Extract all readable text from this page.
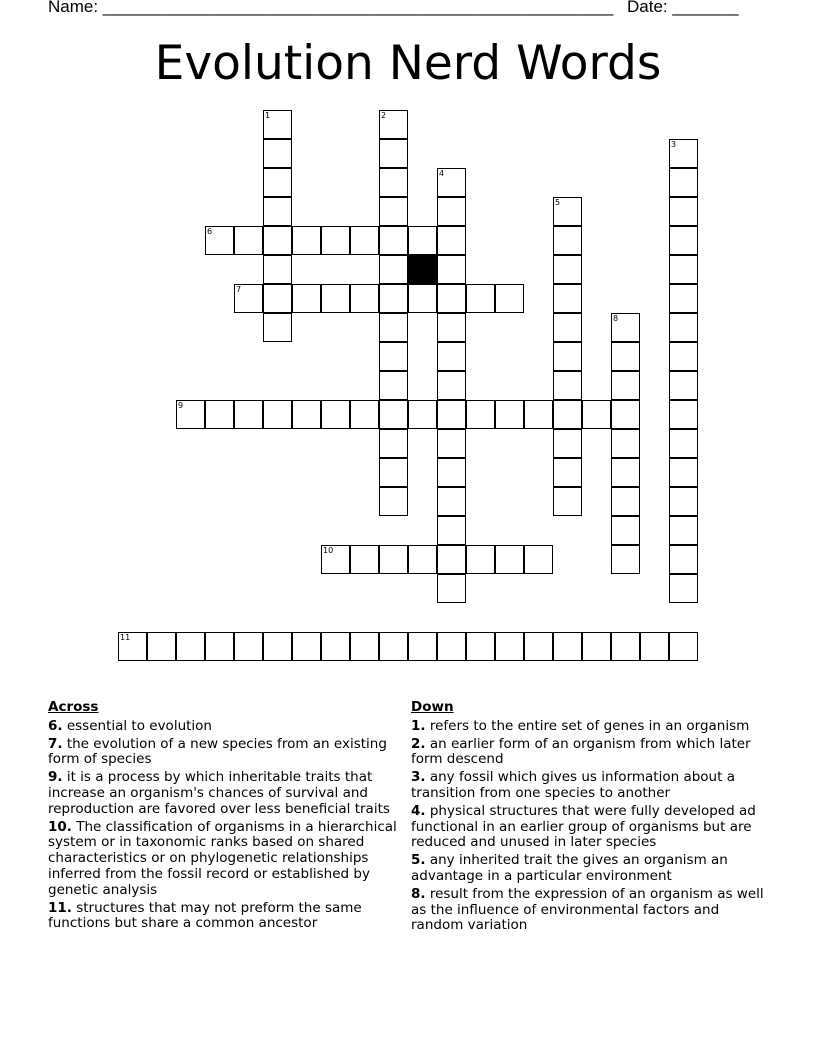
Name: ______________________________________________________ Date: _______
Evolution Nerd Words
1	2
3
4
5
6
7
8
9
10
11
Across
6. essential to evolution
7. the evolution of a new species from an existing form of species
9. it is a process by which inheritable traits that increase an organism's chances of survival and reproduction are favored over less beneficial traits
10. The classification of organisms in a hierarchical system or in taxonomic ranks based on shared characteristics or on phylogenetic relationships inferred from the fossil record or established by genetic analysis
11. structures that may not preform the same functions but share a common ancestor
Down
1. refers to the entire set of genes in an organism
2. an earlier form of an organism from which later form descend
3. any fossil which gives us information about a transition from one species to another
4. physical structures that were fully developed ad functional in an earlier group of organisms but are reduced and unused in later species
5. any inherited trait the gives an organism an advantage in a particular environment
8. result from the expression of an organism as well as the influence of environmental factors and random variation
